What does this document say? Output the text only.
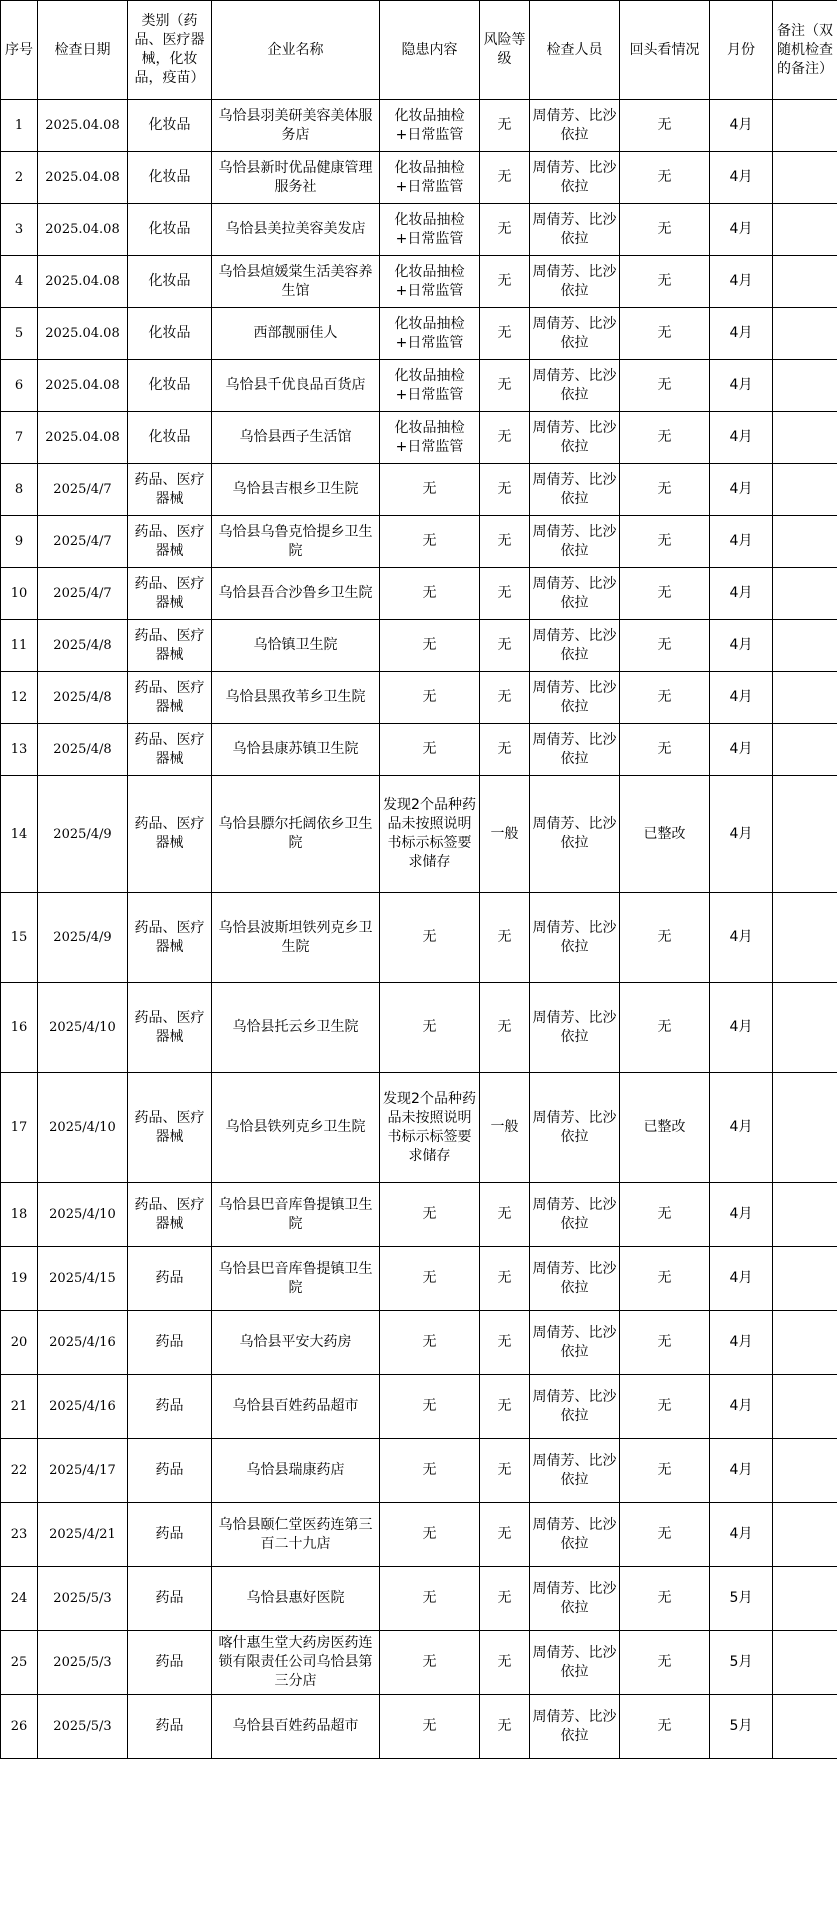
序号	检查日期	类别（药品、医疗器械，化妆品，疫苗）	企业名称	隐患内容	风险等级	检查人员	回头看情况	月份	备注（双随机检查的备注）
1	2025.04.08	化妆品	乌恰县羽美研美容美体服务店	化妆品抽检+日常监管	无	周倩芳、比沙依拉	无	4月	
2	2025.04.08	化妆品	乌恰县新时优品健康管理服务社	化妆品抽检+日常监管	无	周倩芳、比沙依拉	无	4月	
3	2025.04.08	化妆品	乌恰县美拉美容美发店	化妆品抽检+日常监管	无	周倩芳、比沙依拉	无	4月	
4	2025.04.08	化妆品	乌恰县煊媛棠生活美容养生馆	化妆品抽检+日常监管	无	周倩芳、比沙依拉	无	4月	
5	2025.04.08	化妆品	西部靓丽佳人	化妆品抽检+日常监管	无	周倩芳、比沙依拉	无	4月	
6	2025.04.08	化妆品	乌恰县千优良品百货店	化妆品抽检+日常监管	无	周倩芳、比沙依拉	无	4月	
7	2025.04.08	化妆品	乌恰县西子生活馆	化妆品抽检+日常监管	无	周倩芳、比沙依拉	无	4月	
8	2025/4/7	药品、医疗器械	乌恰县吉根乡卫生院	无	无	周倩芳、比沙依拉	无	4月	
9	2025/4/7	药品、医疗器械	乌恰县乌鲁克恰提乡卫生院	无	无	周倩芳、比沙依拉	无	4月	
10	2025/4/7	药品、医疗器械	乌恰县吾合沙鲁乡卫生院	无	无	周倩芳、比沙依拉	无	4月	
11	2025/4/8	药品、医疗器械	乌恰镇卫生院	无	无	周倩芳、比沙依拉	无	4月	
12	2025/4/8	药品、医疗器械	乌恰县黑孜苇乡卫生院	无	无	周倩芳、比沙依拉	无	4月	
13	2025/4/8	药品、医疗器械	乌恰县康苏镇卫生院	无	无	周倩芳、比沙依拉	无	4月	
14	2025/4/9	药品、医疗器械	乌恰县膘尔托阔依乡卫生院	发现2个品种药品未按照说明书标示标签要求储存	一般	周倩芳、比沙依拉	已整改	4月	
15	2025/4/9	药品、医疗器械	乌恰县波斯坦铁列克乡卫生院	无	无	周倩芳、比沙依拉	无	4月	
16	2025/4/10	药品、医疗器械	乌恰县托云乡卫生院	无	无	周倩芳、比沙依拉	无	4月	
17	2025/4/10	药品、医疗器械	乌恰县铁列克乡卫生院	发现2个品种药品未按照说明书标示标签要求储存	一般	周倩芳、比沙依拉	已整改	4月	
18	2025/4/10	药品、医疗器械	乌恰县巴音库鲁提镇卫生院	无	无	周倩芳、比沙依拉	无	4月	
19	2025/4/15	药品	乌恰县巴音库鲁提镇卫生院	无	无	周倩芳、比沙依拉	无	4月	
20	2025/4/16	药品	乌恰县平安大药房	无	无	周倩芳、比沙依拉	无	4月	
21	2025/4/16	药品	乌恰县百姓药品超市	无	无	周倩芳、比沙依拉	无	4月	
22	2025/4/17	药品	乌恰县瑞康药店	无	无	周倩芳、比沙依拉	无	4月	
23	2025/4/21	药品	乌恰县颐仁堂医药连第三百二十九店	无	无	周倩芳、比沙依拉	无	4月	
24	2025/5/3	药品	乌恰县惠好医院	无	无	周倩芳、比沙依拉	无	5月	
25	2025/5/3	药品	喀什惠生堂大药房医药连锁有限责任公司乌恰县第三分店	无	无	周倩芳、比沙依拉	无	5月	
26	2025/5/3	药品	乌恰县百姓药品超市	无	无	周倩芳、比沙依拉	无	5月	
